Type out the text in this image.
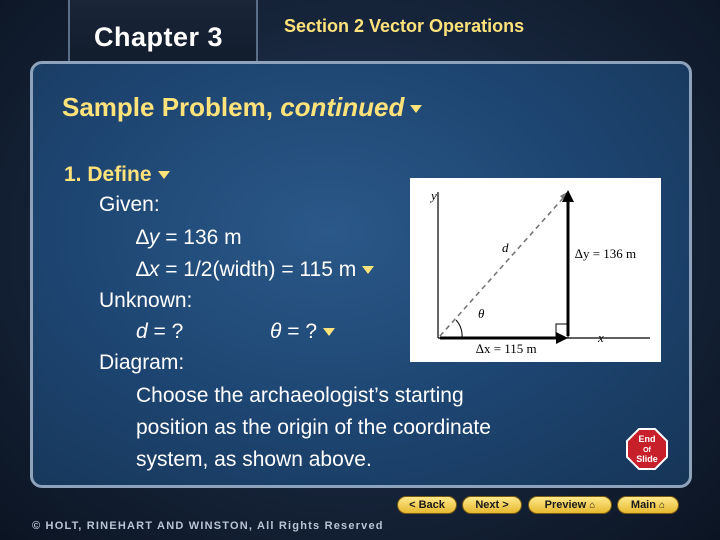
Chapter 3	Section 2 Vector Operations
Sample Problem, continued
1. Define
Given:
∆y = 136 m
∆x = 1/2(width) = 115 m
Unknown:
d = ?	θ = ?
Diagram:
Choose the archaeologist’s starting
position as the origin of the coordinate
system, as shown above.
y
x
d
θ
∆y = 136 m
∆x = 115 m
End
Of
Slide
< Back	Next >	Preview ⌂	Main ⌂
© HOLT, RINEHART AND WINSTON, All Rights Reserved
